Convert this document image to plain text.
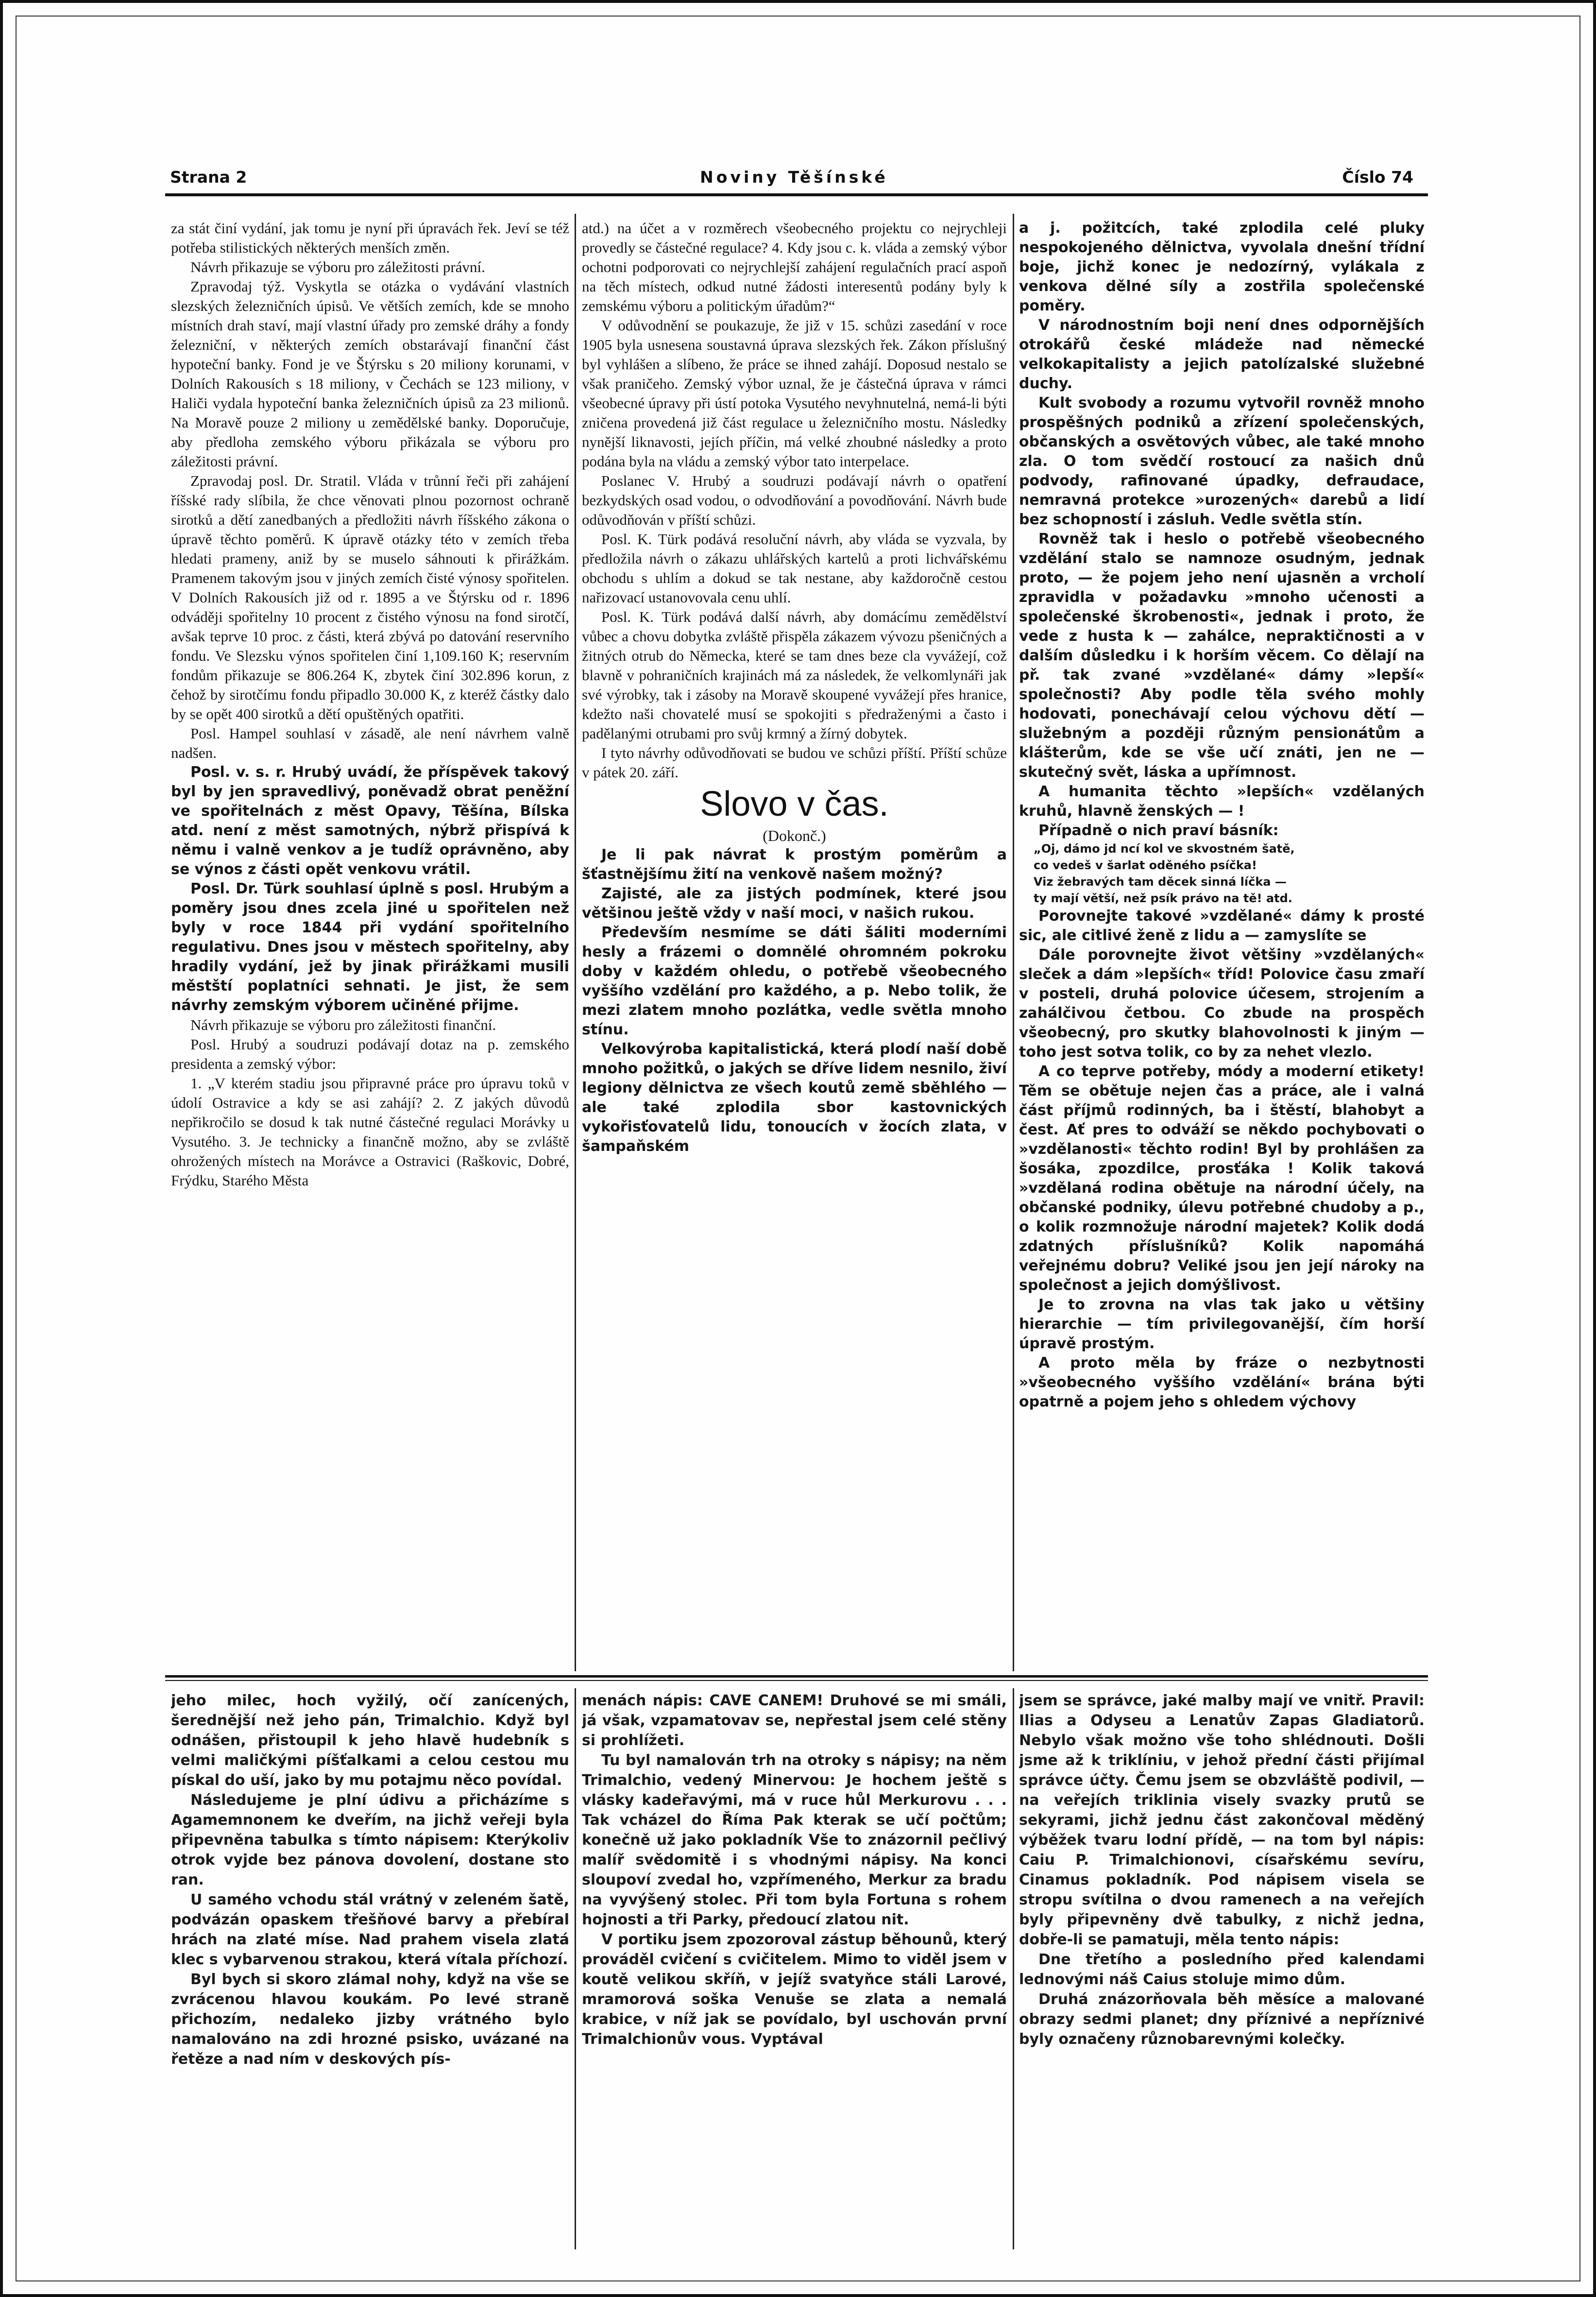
Strana 2	Noviny Těšínské	Číslo 74

za stát činí vydání, jak tomu je nyní při úpravách řek. Jeví se též potřeba stilistických některých menších změn.

Návrh přikazuje se výboru pro záležitosti právní.

Zpravodaj týž. Vyskytla se otázka o vydávání vlastních slezských železničních úpisů. Ve větších zemích, kde se mnoho místních drah staví, mají vlastní úřady pro zemské dráhy a fondy železniční, v některých zemích obstarávají finanční část hypoteční banky. Fond je ve Štýrsku s 20 miliony korunami, v Dolních Rakousích s 18 miliony, v Čechách se 123 miliony, v Haliči vydala hypoteční banka železničních úpisů za 23 milionů. Na Moravě pouze 2 miliony u zemědělské banky. Doporučuje, aby předloha zemského výboru přikázala se výboru pro záležitosti právní.

Zpravodaj posl. Dr. Stratil. Vláda v trůnní řeči při zahájení říšské rady slíbila, že chce věnovati plnou pozornost ochraně sirotků a dětí zanedbaných a předložiti návrh říšského zákona o úpravě těchto poměrů. K úpravě otázky této v zemích třeba hledati prameny, aniž by se muselo sáhnouti k přirážkám. Pramenem takovým jsou v jiných zemích čisté výnosy spořitelen. V Dolních Rakousích již od r. 1895 a ve Štýrsku od r. 1896 odváději spořitelny 10 procent z čistého výnosu na fond sirotčí, avšak teprve 10 proc. z části, která zbývá po datování reservního fondu. Ve Slezsku výnos spořitelen činí 1,109.160 K; reservním fondům přikazuje se 806.264 K, zbytek činí 302.896 korun, z čehož by sirotčímu fondu připadlo 30.000 K, z kteréž částky dalo by se opět 400 sirotků a dětí opuštěných opatřiti.

Posl. Hampel souhlasí v zásadě, ale není návrhem valně nadšen.

Posl. v. s. r. Hrubý uvádí, že příspěvek takový byl by jen spravedlivý, poněvadž obrat peněžní ve spořitelnách z měst Opavy, Těšína, Bílska atd. není z měst samotných, nýbrž přispívá k němu i valně venkov a je tudíž oprávněno, aby se výnos z části opět venkovu vrátil.

Posl. Dr. Türk souhlasí úplně s posl. Hrubým a poměry jsou dnes zcela jiné u spořitelen než byly v roce 1844 při vydání spořitelního regulativu. Dnes jsou v městech spořitelny, aby hradily vydání, jež by jinak přirážkami musili městští poplatníci sehnati. Je jist, že sem návrhy zemským výborem učiněné přijme.

Návrh přikazuje se výboru pro záležitosti finanční.

Posl. Hrubý a soudruzi podávají dotaz na p. zemského presidenta a zemský výbor:

1. „V kterém stadiu jsou připravné práce pro úpravu toků v údolí Ostravice a kdy se asi zahájí? 2. Z jakých důvodů nepřikročilo se dosud k tak nutné částečné regulaci Morávky u Vysutého. 3. Je technicky a finančně možno, aby se zvláště ohrožených místech na Morávce a Ostravici (Raškovic, Dobré, Frýdku, Starého Města

atd.) na účet a v rozměrech všeobecného projektu co nejrychleji provedly se částečné regulace? 4. Kdy jsou c. k. vláda a zemský výbor ochotni podporovati co nejrychlejší zahájení regulačních prací aspoň na těch místech, odkud nutné žádosti interesentů podány byly k zemskému výboru a politickým úřadům?“

V odůvodnění se poukazuje, že již v 15. schůzi zasedání v roce 1905 byla usnesena soustavná úprava slezských řek. Zákon příslušný byl vyhlášen a slíbeno, že práce se ihned zahájí. Doposud nestalo se však praničeho. Zemský výbor uznal, že je částečná úprava v rámci všeobecné úpravy při ústí potoka Vysutého nevyhnutelná, nemá-li býti zničena provedená již část regulace u železničního mostu. Následky nynější liknavosti, jejích příčin, má velké zhoubné následky a proto podána byla na vládu a zemský výbor tato interpelace.

Poslanec V. Hrubý a soudruzi podávají návrh o opatření bezkydských osad vodou, o odvodňování a povodňování. Návrh bude odůvodňován v příští schůzi.

Posl. K. Türk podává resoluční návrh, aby vláda se vyzvala, by předložila návrh o zákazu uhlářských kartelů a proti lichvářskému obchodu s uhlím a dokud se tak nestane, aby každoročně cestou nařizovací ustanovovala cenu uhlí.

Posl. K. Türk podává další návrh, aby domácímu zemědělství vůbec a chovu dobytka zvláště přispěla zákazem vývozu pšeničných a žitných otrub do Německa, které se tam dnes beze cla vyvážejí, což blavně v pohraničních krajinách má za následek, že velkomlynáři jak své výrobky, tak i zásoby na Moravě skoupené vyvážejí přes hranice, kdežto naši chovatelé musí se spokojiti s předraženými a často i padělanými otrubami pro svůj krmný a žírný dobytek.

I tyto návrhy odůvodňovati se budou ve schůzi příští. Příští schůze v pátek 20. září.

Slovo v čas.

(Dokonč.)

Je li pak návrat k prostým poměrům a šťastnějšímu žití na venkově našem možný?

Zajisté, ale za jistých podmínek, které jsou většinou ještě vždy v naší moci, v našich rukou.

Především nesmíme se dáti šáliti moderními hesly a frázemi o domnělé ohromném pokroku doby v každém ohledu, o potřebě všeobecného vyššího vzdělání pro každého, a p. Nebo tolik, že mezi zlatem mnoho pozlátka, vedle světla mnoho stínu.

Velkovýroba kapitalistická, která plodí naší době mnoho požitků, o jakých se dříve lidem nesnilo, živí legiony dělnictva ze všech koutů země sběhlého — ale také zplodila sbor kastovnických vykořisťovatelů lidu, tonoucích v žocích zlata, v šampaňském

a j. požitcích, také zplodila celé pluky nespokojeného dělnictva, vyvolala dnešní třídní boje, jichž konec je nedozírný, vylákala z venkova dělné síly a zostřila společenské poměry.

V národnostním boji není dnes odpornějších otrokářů české mládeže nad německé velkokapitalisty a jejich patolízalské služebné duchy.

Kult svobody a rozumu vytvořil rovněž mnoho prospěšných podniků a zřízení společenských, občanských a osvětových vůbec, ale také mnoho zla. O tom svědčí rostoucí za našich dnů podvody, rafinované úpadky, defraudace, nemravná protekce »urozených« darebů a lidí bez schopností i zásluh. Vedle světla stín.

Rovněž tak i heslo o potřebě všeobecného vzdělání stalo se namnoze osudným, jednak proto, — že pojem jeho není ujasněn a vrcholí zpravidla v požadavku »mnoho učenosti a společenské škrobenosti«, jednak i proto, že vede z husta k — zahálce, nepraktičnosti a v dalším důsledku i k horším věcem. Co dělají na př. tak zvané »vzdělané« dámy »lepší« společnosti? Aby podle těla svého mohly hodovati, ponechávají celou výchovu dětí — služebným a později různým pensionátům a klášterům, kde se vše učí znáti, jen ne — skutečný svět, láska a upřímnost.

A humanita těchto »lepších« vzdělaných kruhů, hlavně ženských — !

Případně o nich praví básník:

„Oj, dámo jd ncí kol ve skvostném šatě,

co vedeš v šarlat oděného psíčka!

Viz žebravých tam děcek sinná líčka —

ty mají větší, než psík právo na tě! atd.

Porovnejte takové »vzdělané« dámy k prosté sic, ale citlivé ženě z lidu a — zamyslíte se

Dále porovnejte život většiny »vzdělaných« sleček a dám »lepších« tříd! Polovice času zmaří v posteli, druhá polovice účesem, strojením a zahálčivou četbou. Co zbude na prospěch všeobecný, pro skutky blahovolnosti k jiným — toho jest sotva tolik, co by za nehet vlezlo.

A co teprve potřeby, módy a moderní etikety! Těm se obětuje nejen čas a práce, ale i valná část příjmů rodinných, ba i štěstí, blahobyt a čest. Ať pres to odváží se někdo pochybovati o »vzdělanosti« těchto rodin! Byl by prohlášen za šosáka, zpozdilce, prosťáka ! Kolik taková »vzdělaná rodina obětuje na národní účely, na občanské podniky, úlevu potřebné chudoby a p., o kolik rozmnožuje národní majetek? Kolik dodá zdatných příslušníků? Kolik napomáhá veřejnému dobru? Veliké jsou jen její nároky na společnost a jejich domýšlivost.

Je to zrovna na vlas tak jako u většiny hierarchie — tím privilegovanější, čím horší úpravě prostým.

A proto měla by fráze o nezbytnosti »všeobecného vyššího vzdělání« brána býti opatrně a pojem jeho s ohledem výchovy

jeho milec, hoch vyžilý, očí zanícených, šerednější než jeho pán, Trimalchio. Když byl odnášen, přistoupil k jeho hlavě hudebník s velmi maličkými píšťalkami a celou cestou mu pískal do uší, jako by mu potajmu něco povídal.

Následujeme je plní údivu a přicházíme s Agamemnonem ke dveřím, na jichž veřeji byla připevněna tabulka s tímto nápisem: Kterýkoliv otrok vyjde bez pánova dovolení, dostane sto ran.

U samého vchodu stál vrátný v zeleném šatě, podvázán opaskem třešňové barvy a přebíral hrách na zlaté míse. Nad prahem visela zlatá klec s vybarvenou strakou, která vítala příchozí.

Byl bych si skoro zlámal nohy, když na vše se zvrácenou hlavou koukám. Po levé straně přichozím, nedaleko jizby vrátného bylo namalováno na zdi hrozné psisko, uvázané na řetěze a nad ním v deskových pís-

menách nápis: CAVE CANEM! Druhové se mi smáli, já však, vzpamatovav se, nepřestal jsem celé stěny si prohlížeti.

Tu byl namalován trh na otroky s nápisy; na něm Trimalchio, vedený Minervou: Je hochem ještě s vlásky kadeřavými, má v ruce hůl Merkurovu . . . Tak vcházel do Říma Pak kterak se učí počtům; konečně už jako pokladník Vše to znázornil pečlivý malíř svědomitě i s vhodnými nápisy. Na konci sloupoví zvedal ho, vzpřímeného, Merkur za bradu na vyvýšený stolec. Při tom byla Fortuna s rohem hojnosti a tři Parky, předoucí zlatou nit.

V portiku jsem zpozoroval zástup běhounů, který prováděl cvičení s cvičitelem. Mimo to viděl jsem v koutě velikou skříň, v jejíž svatyňce stáli Larové, mramorová soška Venuše se zlata a nemalá krabice, v níž jak se povídalo, byl uschován první Trimalchionův vous. Vyptával

jsem se správce, jaké malby mají ve vnitř. Pravil: Ilias a Odyseu a Lenatův Zapas Gladiatorů. Nebylo však možno vše toho shlédnouti. Došli jsme až k triklíniu, v jehož přední části přijímal správce účty. Čemu jsem se obzvláště podivil, — na veřejích triklinia visely svazky prutů se sekyrami, jichž jednu část zakončoval měděný výběžek tvaru lodní přídě, — na tom byl nápis: Caiu P. Trimalchionovi, císařskému sevíru, Cinamus pokladník. Pod nápisem visela se stropu svítilna o dvou ramenech a na veřejích byly připevněny dvě tabulky, z nichž jedna, dobře-li se pamatuji, měla tento nápis:

Dne třetího a posledního před kalendami lednovými náš Caius stoluje mimo dům.

Druhá znázorňovala běh měsíce a malované obrazy sedmi planet; dny příznivé a nepříznivé byly označeny různobarevnými kolečky.
